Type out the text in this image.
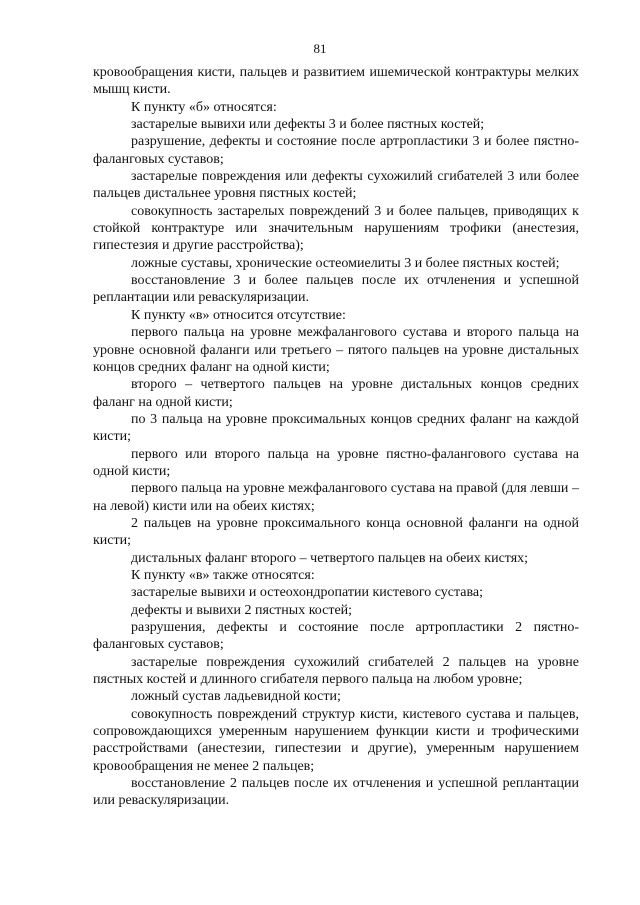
81

кровообращения кисти, пальцев и развитием ишемической контрактуры мелких мышц кисти.

К пункту «б» относятся:

застарелые вывихи или дефекты 3 и более пястных костей;

разрушение, дефекты и состояние после артропластики 3 и более пястно-фаланговых суставов;

застарелые повреждения или дефекты сухожилий сгибателей 3 или более пальцев дистальнее уровня пястных костей;

совокупность застарелых повреждений 3 и более пальцев, приводящих к стойкой контрактуре или значительным нарушениям трофики (анестезия, гипестезия и другие расстройства);

ложные суставы, хронические остеомиелиты 3 и более пястных костей;

восстановление 3 и более пальцев после их отчленения и успешной реплантации или реваскуляризации.

К пункту «в» относится отсутствие:

первого пальца на уровне межфалангового сустава и второго пальца на уровне основной фаланги или третьего – пятого пальцев на уровне дистальных концов средних фаланг на одной кисти;

второго – четвертого пальцев на уровне дистальных концов средних фаланг на одной кисти;

по 3 пальца на уровне проксимальных концов средних фаланг на каждой кисти;

первого или второго пальца на уровне пястно-фалангового сустава на одной кисти;

первого пальца на уровне межфалангового сустава на правой (для левши – на левой) кисти или на обеих кистях;

2 пальцев на уровне проксимального конца основной фаланги на одной кисти;

дистальных фаланг второго – четвертого пальцев на обеих кистях;

К пункту «в» также относятся:

застарелые вывихи и остеохондропатии кистевого сустава;

дефекты и вывихи 2 пястных костей;

разрушения, дефекты и состояние после артропластики 2 пястно-фаланговых суставов;

застарелые повреждения сухожилий сгибателей 2 пальцев на уровне пястных костей и длинного сгибателя первого пальца на любом уровне;

ложный сустав ладьевидной кости;

совокупность повреждений структур кисти, кистевого сустава и пальцев, сопровождающихся умеренным нарушением функции кисти и трофическими расстройствами (анестезии, гипестезии и другие), умеренным нарушением кровообращения не менее 2 пальцев;

восстановление 2 пальцев после их отчленения и успешной реплантации или реваскуляризации.
